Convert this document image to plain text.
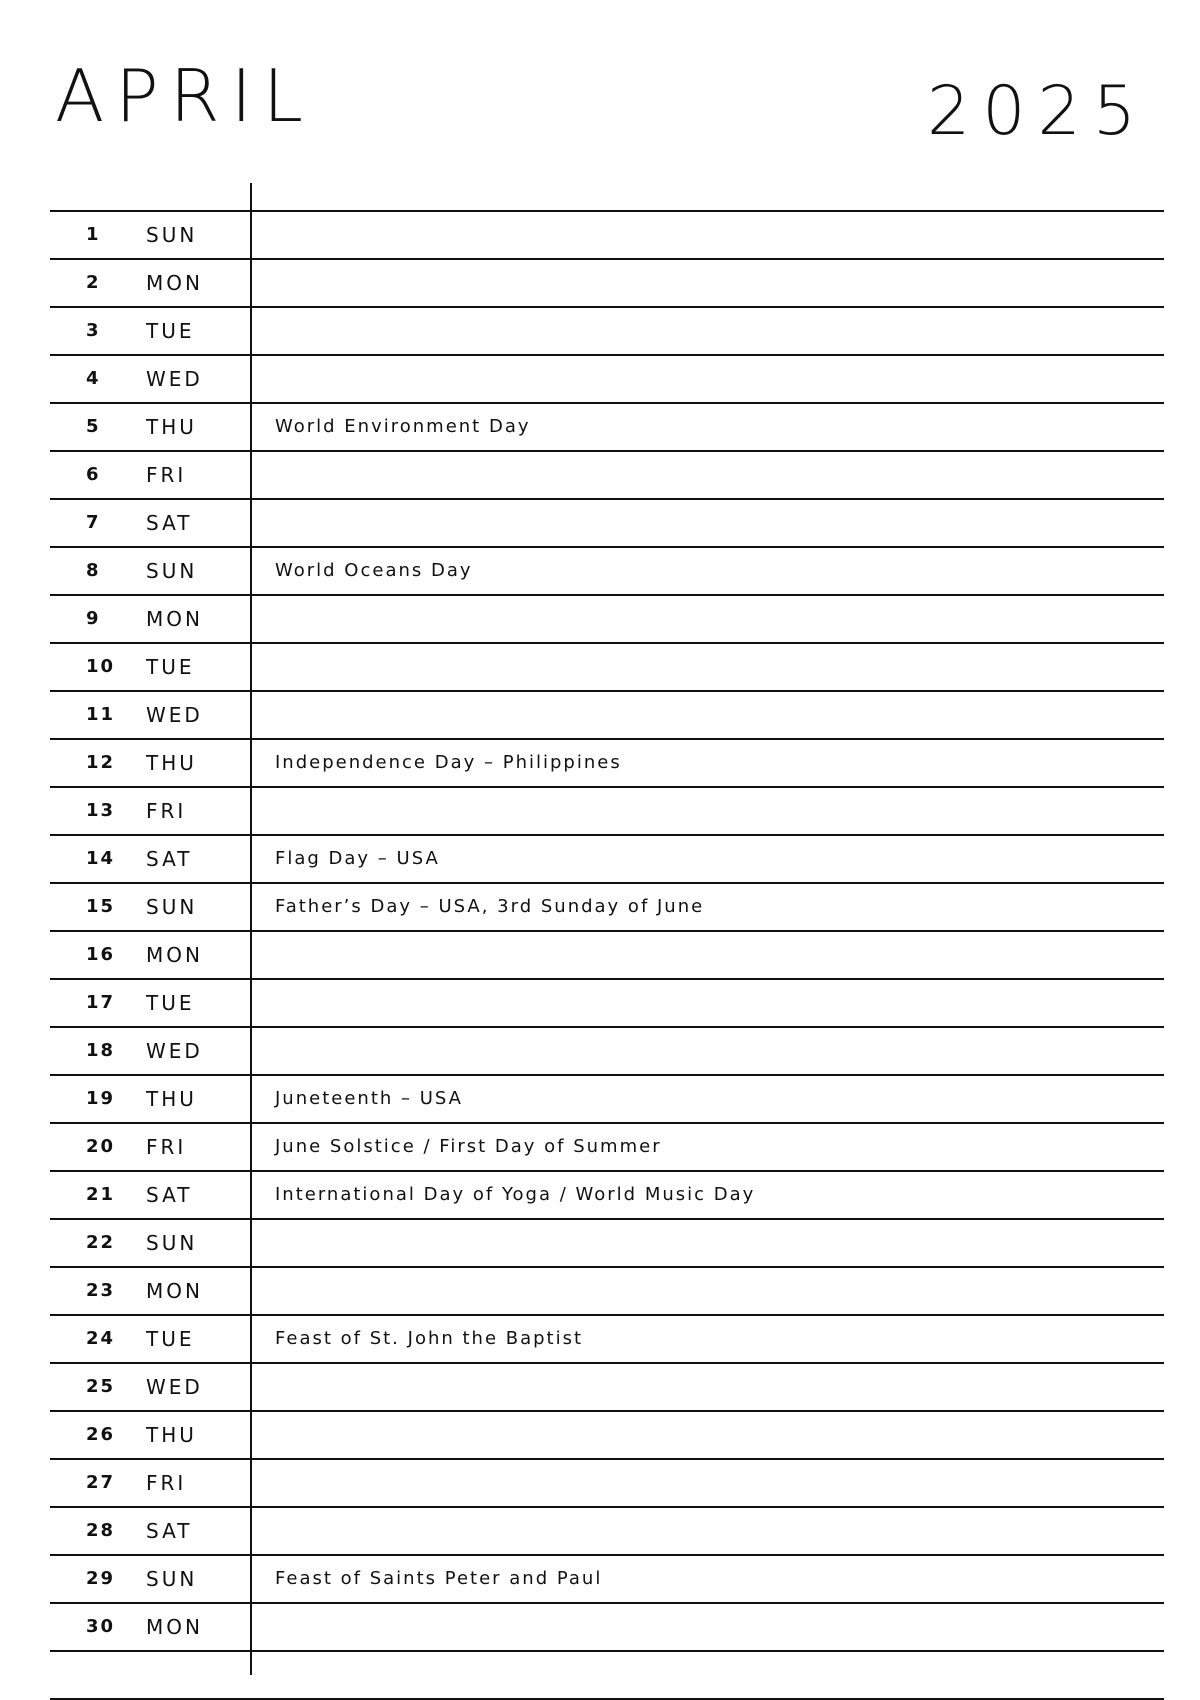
APRIL	2025
1 SUN
2 MON
3 TUE
4 WED
5 THU	World Environment Day
6 FRI
7 SAT
8 SUN	World Oceans Day
9 MON
10 TUE
11 WED
12 THU	Independence Day – Philippines
13 FRI
14 SAT	Flag Day – USA
15 SUN	Father’s Day – USA, 3rd Sunday of June
16 MON
17 TUE
18 WED
19 THU	Juneteenth – USA
20 FRI	June Solstice / First Day of Summer
21 SAT	International Day of Yoga / World Music Day
22 SUN
23 MON
24 TUE	Feast of St. John the Baptist
25 WED
26 THU
27 FRI
28 SAT
29 SUN	Feast of Saints Peter and Paul
30 MON
